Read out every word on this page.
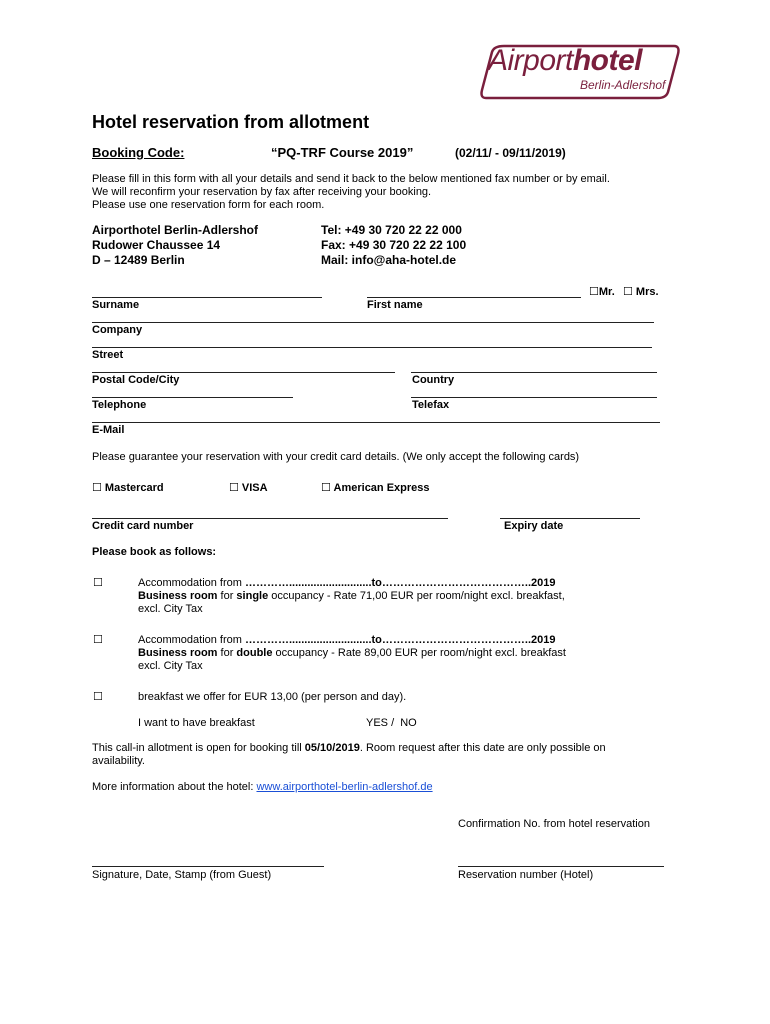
Airporthotel
Berlin-Adlershof
Hotel reservation from allotment
Booking Code:	“PQ-TRF Course 2019”	(02/11/ - 09/11/2019)
Please fill in this form with all your details and send it back to the below mentioned fax number or by email.
We will reconfirm your reservation by fax after receiving your booking.
Please use one reservation form for each room.
Airporthotel Berlin-Adlershof
Rudower Chaussee 14
D – 12489 Berlin
Tel: +49 30 720 22 22 000
Fax: +49 30 720 22 22 100
Mail: info@aha-hotel.de
☐Mr. ☐ Mrs.
Surname	First name
Company
Street
Postal Code/City	Country
Telephone	Telefax
E-Mail
Please guarantee your reservation with your credit card details. (We only accept the following cards)
☐ Mastercard	☐ VISA	☐ American Express
Credit card number	Expiry date
Please book as follows:
☐	Accommodation from …………...........................to…………………………………..2019
Business room for single occupancy - Rate 71,00 EUR per room/night excl. breakfast,
excl. City Tax
☐	Accommodation from …………...........................to…………………………………..2019
Business room for double occupancy - Rate 89,00 EUR per room/night excl. breakfast
excl. City Tax
☐	breakfast we offer for EUR 13,00 (per person and day).
I want to have breakfast	YES /  NO
This call-in allotment is open for booking till 05/10/2019. Room request after this date are only possible on
availability.
More information about the hotel: www.airporthotel-berlin-adlershof.de
Confirmation No. from hotel reservation
Signature, Date, Stamp (from Guest)	Reservation number (Hotel)
